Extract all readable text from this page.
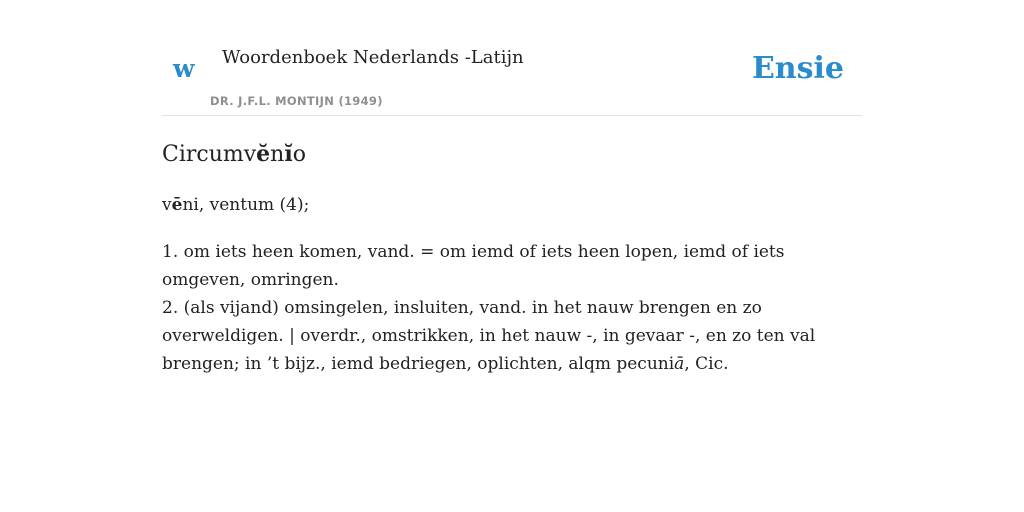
w Woordenboek Nederlands -Latijn
DR. J.F.L. MONTIJN (1949)
Ensie
Circumvĕnĭo

vēni, ventum (4);

1. om iets heen komen, vand. = om iemd of iets heen lopen, iemd of iets omgeven, omringen.
2. (als vijand) omsingelen, insluiten, vand. in het nauw brengen en zo overweldigen. | overdr., omstrikken, in het nauw -, in gevaar -, en zo ten val brengen; in ’t bijz., iemd bedriegen, oplichten, alqm pecuniā, Cic.
